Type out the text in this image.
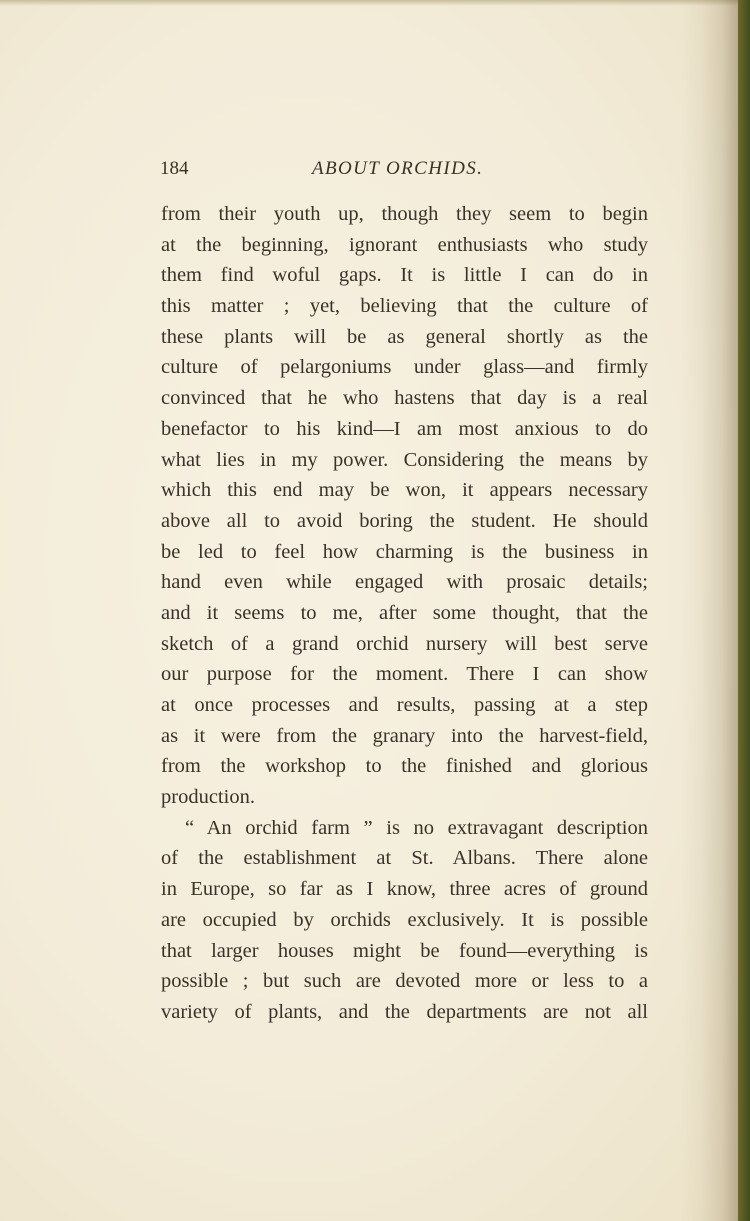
184	ABOUT ORCHIDS.
from their youth up, though they seem to begin
at the beginning, ignorant enthusiasts who study
them find woful gaps. It is little I can do in
this matter ; yet, believing that the culture of
these plants will be as general shortly as the
culture of pelargoniums under glass—and firmly
convinced that he who hastens that day is a real
benefactor to his kind—I am most anxious to do
what lies in my power. Considering the means by
which this end may be won, it appears necessary
above all to avoid boring the student. He should
be led to feel how charming is the business in
hand even while engaged with prosaic details;
and it seems to me, after some thought, that the
sketch of a grand orchid nursery will best serve
our purpose for the moment. There I can show
at once processes and results, passing at a step
as it were from the granary into the harvest-field,
from the workshop to the finished and glorious
production.
“ An orchid farm ” is no extravagant description
of the establishment at St. Albans. There alone
in Europe, so far as I know, three acres of ground
are occupied by orchids exclusively. It is possible
that larger houses might be found—everything is
possible ; but such are devoted more or less to a
variety of plants, and the departments are not all
